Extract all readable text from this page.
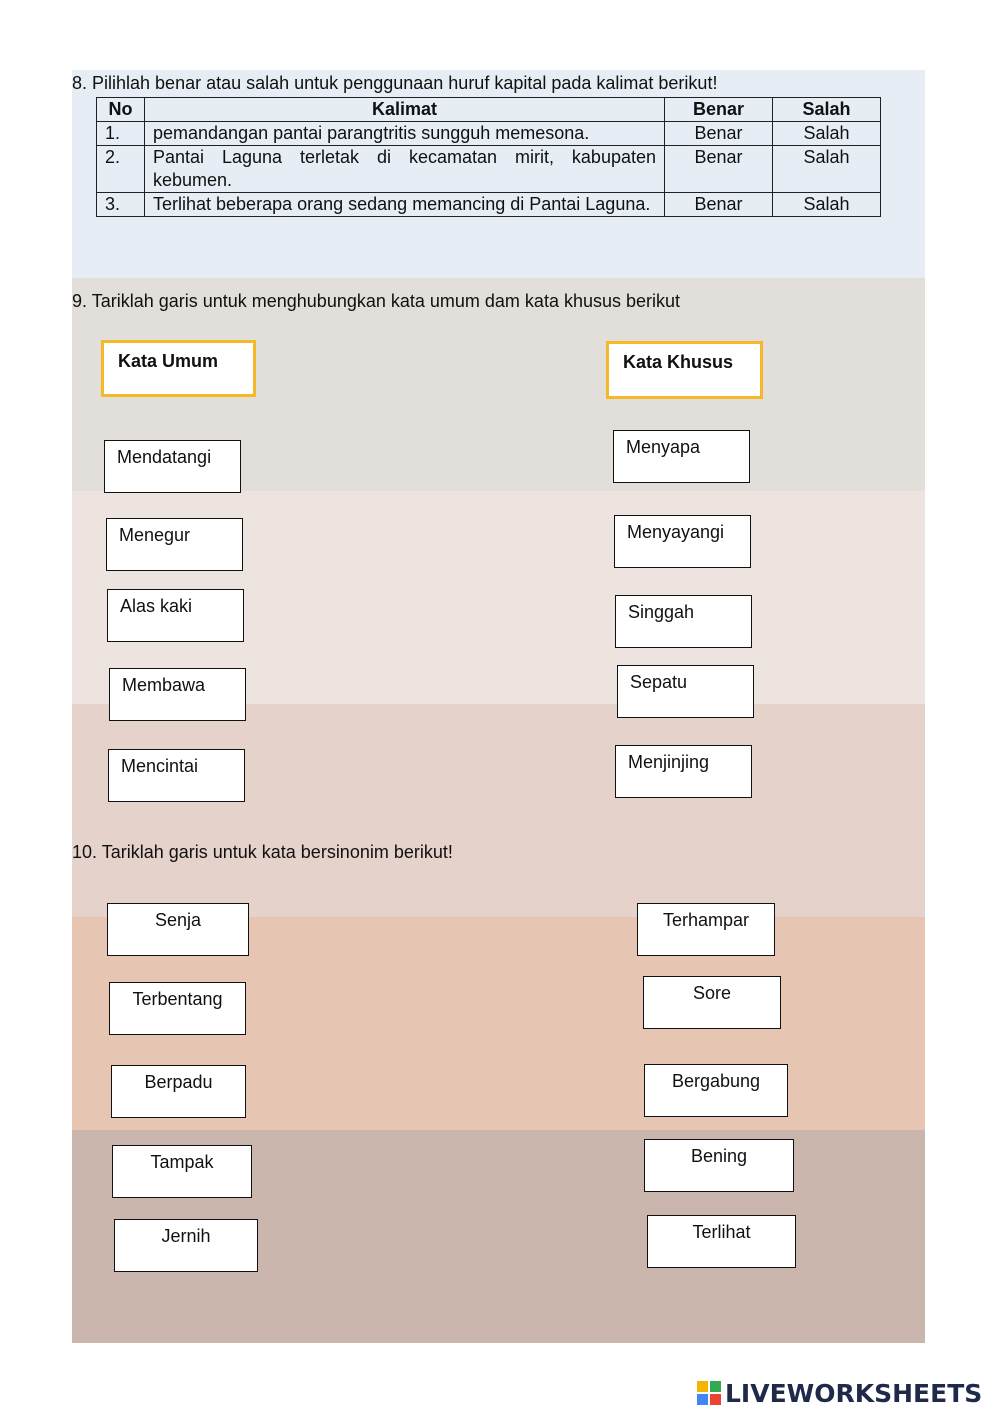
8. Pilihlah benar atau salah untuk penggunaan huruf kapital pada kalimat berikut!
No	Kalimat	Benar	Salah
1.	pemandangan pantai parangtritis sungguh memesona.	Benar	Salah
2.	Pantai Laguna terletak di kecamatan mirit, kabupaten kebumen.	Benar	Salah
3.	Terlihat beberapa orang sedang memancing di Pantai Laguna.	Benar	Salah
9. Tariklah garis untuk menghubungkan kata umum dam kata khusus berikut
Kata Umum	Kata Khusus
Mendatangi
Menegur
Alas kaki
Membawa
Mencintai
Menyapa
Menyayangi
Singgah
Sepatu
Menjinjing
10. Tariklah garis untuk kata bersinonim berikut!
Senja
Terbentang
Berpadu
Tampak
Jernih
Terhampar
Sore
Bergabung
Bening
Terlihat
LIVEWORKSHEETS
